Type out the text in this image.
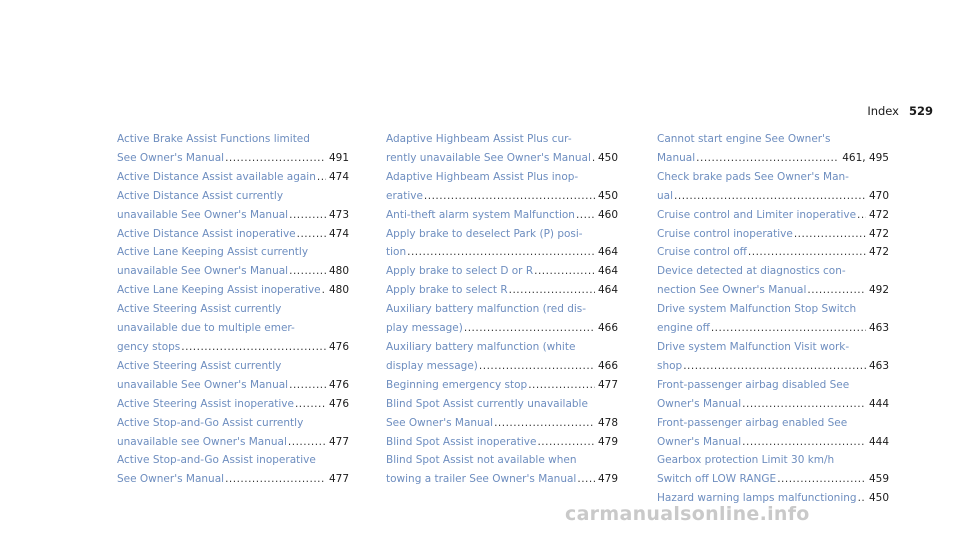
Index 529
Active Brake Assist Functions limited
See Owner's Manual .....	491
Active Distance Assist available again ..... 474
Active Distance Assist currently
unavailable See Owner's Manual .....	473
Active Distance Assist inoperative .....	474
Active Lane Keeping Assist currently
unavailable See Owner's Manual .....	480
Active Lane Keeping Assist inoperative ..... 480
Active Steering Assist currently
unavailable due to multiple emer-
gency stops .....	476
Active Steering Assist currently
unavailable See Owner's Manual .....	476
Active Steering Assist inoperative .....	476
Active Stop-and-Go Assist currently
unavailable see Owner's Manual .....	477
Active Stop-and-Go Assist inoperative
See Owner's Manual .....	477
Adaptive Highbeam Assist Plus cur-
rently unavailable See Owner's Manual ..... 450
Adaptive Highbeam Assist Plus inop-
erative .....	450
Anti-theft alarm system Malfunction ..... 460
Apply brake to deselect Park (P) posi-
tion .....	464
Apply brake to select D or R .....	464
Apply brake to select R .....	464
Auxiliary battery malfunction (red dis-
play message) .....	466
Auxiliary battery malfunction (white
display message) .....	466
Beginning emergency stop .....	477
Blind Spot Assist currently unavailable
See Owner's Manual .....	478
Blind Spot Assist inoperative .....	479
Blind Spot Assist not available when
towing a trailer See Owner's Manual ..... 479
Cannot start engine See Owner's
Manual .....	461, 495
Check brake pads See Owner's Man-
ual .....	470
Cruise control and Limiter inoperative ..... 472
Cruise control inoperative .....	472
Cruise control off .....	472
Device detected at diagnostics con-
nection See Owner's Manual .....	492
Drive system Malfunction Stop Switch
engine off .....	463
Drive system Malfunction Visit work-
shop .....	463
Front-passenger airbag disabled See
Owner's Manual .....	444
Front-passenger airbag enabled See
Owner's Manual .....	444
Gearbox protection Limit 30 km/h
Switch off LOW RANGE .....	459
Hazard warning lamps malfunctioning ..... 450
carmanualsonline.info
